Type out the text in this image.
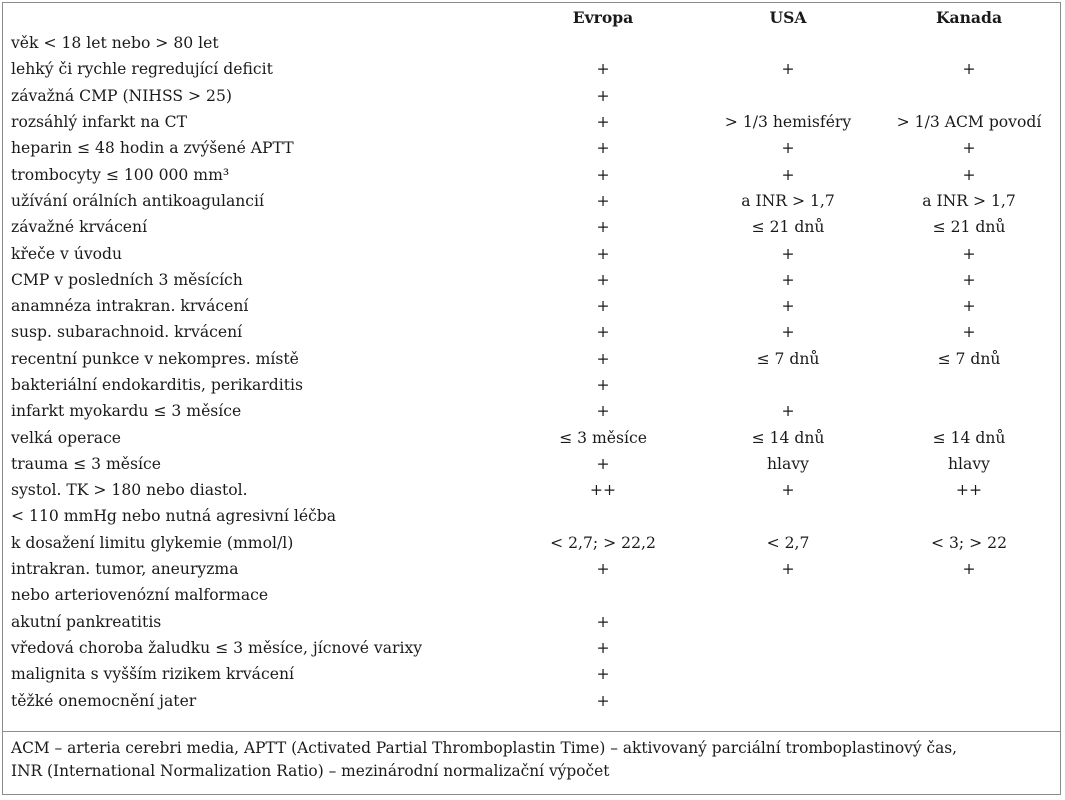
	Evropa	USA	Kanada
věk < 18 let nebo > 80 let			
lehký či rychle regredující deficit	+	+	+
závažná CMP (NIHSS > 25)	+		
rozsáhlý infarkt na CT	+	> 1/3 hemisféry	> 1/3 ACM povodí
heparin ≤ 48 hodin a zvýšené APTT	+	+	+
trombocyty ≤ 100 000 mm³	+	+	+
užívání orálních antikoagulancií	+	a INR > 1,7	a INR > 1,7
závažné krvácení	+	≤ 21 dnů	≤ 21 dnů
křeče v úvodu	+	+	+
CMP v posledních 3 měsících	+	+	+
anamnéza intrakran. krvácení	+	+	+
susp. subarachnoid. krvácení	+	+	+
recentní punkce v nekompres. místě	+	≤ 7 dnů	≤ 7 dnů
bakteriální endokarditis, perikarditis	+		
infarkt myokardu ≤ 3 měsíce	+	+	
velká operace	≤ 3 měsíce	≤ 14 dnů	≤ 14 dnů
trauma ≤ 3 měsíce	+	hlavy	hlavy
systol. TK > 180 nebo diastol.	++	+	++
< 110 mmHg nebo nutná agresivní léčba			
k dosažení limitu glykemie (mmol/l)	< 2,7; > 22,2	< 2,7	< 3; > 22
intrakran. tumor, aneuryzma	+	+	+
nebo arteriovenózní malformace			
akutní pankreatitis	+		
vředová choroba žaludku ≤ 3 měsíce, jícnové varixy	+		
malignita s vyšším rizikem krvácení	+		
těžké onemocnění jater	+		
ACM – arteria cerebri media, APTT (Activated Partial Thromboplastin Time) – aktivovaný parciální tromboplastinový čas,
INR (International Normalization Ratio) – mezinárodní normalizační výpočet
